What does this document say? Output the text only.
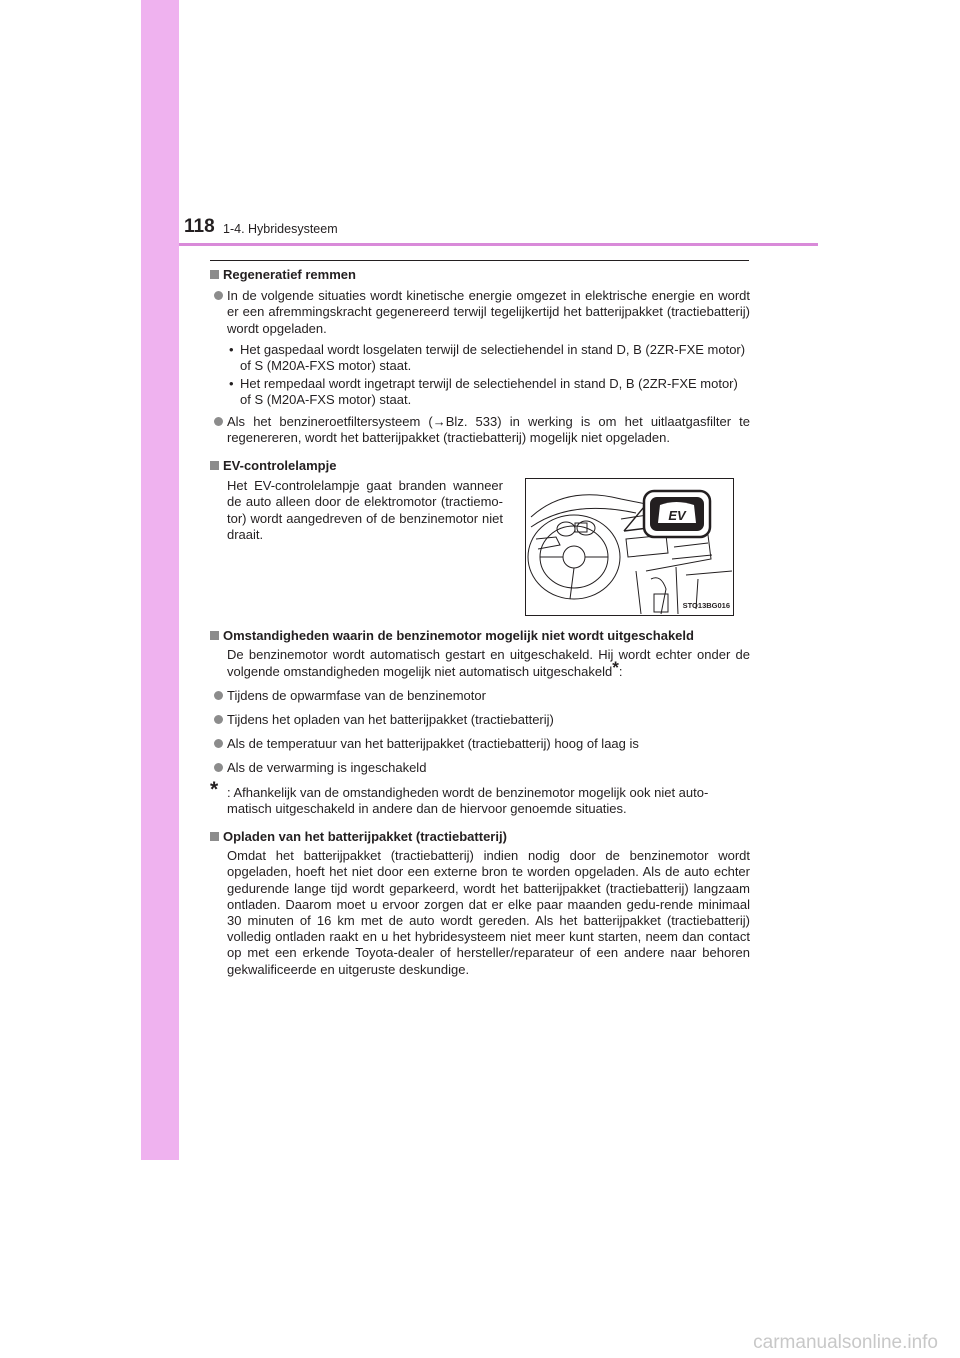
118 1-4. Hybridesysteem
Regeneratief remmen
In de volgende situaties wordt kinetische energie omgezet in elektrische energie en wordt er een afremmingskracht gegenereerd terwijl tegelijkertijd het batterijpakket (tractiebatterij) wordt opgeladen.
• Het gaspedaal wordt losgelaten terwijl de selectiehendel in stand D, B (2ZR-FXE motor) of S (M20A-FXS motor) staat.
• Het rempedaal wordt ingetrapt terwijl de selectiehendel in stand D, B (2ZR-FXE motor) of S (M20A-FXS motor) staat.
Als het benzineroetfiltersysteem (→Blz. 533) in werking is om het uitlaatgasfilter te regenereren, wordt het batterijpakket (tractiebatterij) mogelijk niet opgeladen.
EV-controlelampje
Het EV-controlelampje gaat branden wanneer de auto alleen door de elektromotor (tractiemo-tor) wordt aangedreven of de benzinemotor niet draait.
EV
STO13BG016
Omstandigheden waarin de benzinemotor mogelijk niet wordt uitgeschakeld
De benzinemotor wordt automatisch gestart en uitgeschakeld. Hij wordt echter onder de volgende omstandigheden mogelijk niet automatisch uitgeschakeld*:
Tijdens de opwarmfase van de benzinemotor
Tijdens het opladen van het batterijpakket (tractiebatterij)
Als de temperatuur van het batterijpakket (tractiebatterij) hoog of laag is
Als de verwarming is ingeschakeld
* : Afhankelijk van de omstandigheden wordt de benzinemotor mogelijk ook niet auto-matisch uitgeschakeld in andere dan de hiervoor genoemde situaties.
Opladen van het batterijpakket (tractiebatterij)
Omdat het batterijpakket (tractiebatterij) indien nodig door de benzinemotor wordt opgeladen, hoeft het niet door een externe bron te worden opgeladen. Als de auto echter gedurende lange tijd wordt geparkeerd, wordt het batterijpakket (tractiebatterij) langzaam ontladen. Daarom moet u ervoor zorgen dat er elke paar maanden gedu-rende minimaal 30 minuten of 16 km met de auto wordt gereden. Als het batterijpakket (tractiebatterij) volledig ontladen raakt en u het hybridesysteem niet meer kunt starten, neem dan contact op met een erkende Toyota-dealer of hersteller/reparateur of een andere naar behoren gekwalificeerde en uitgeruste deskundige.
carmanualsonline.info
